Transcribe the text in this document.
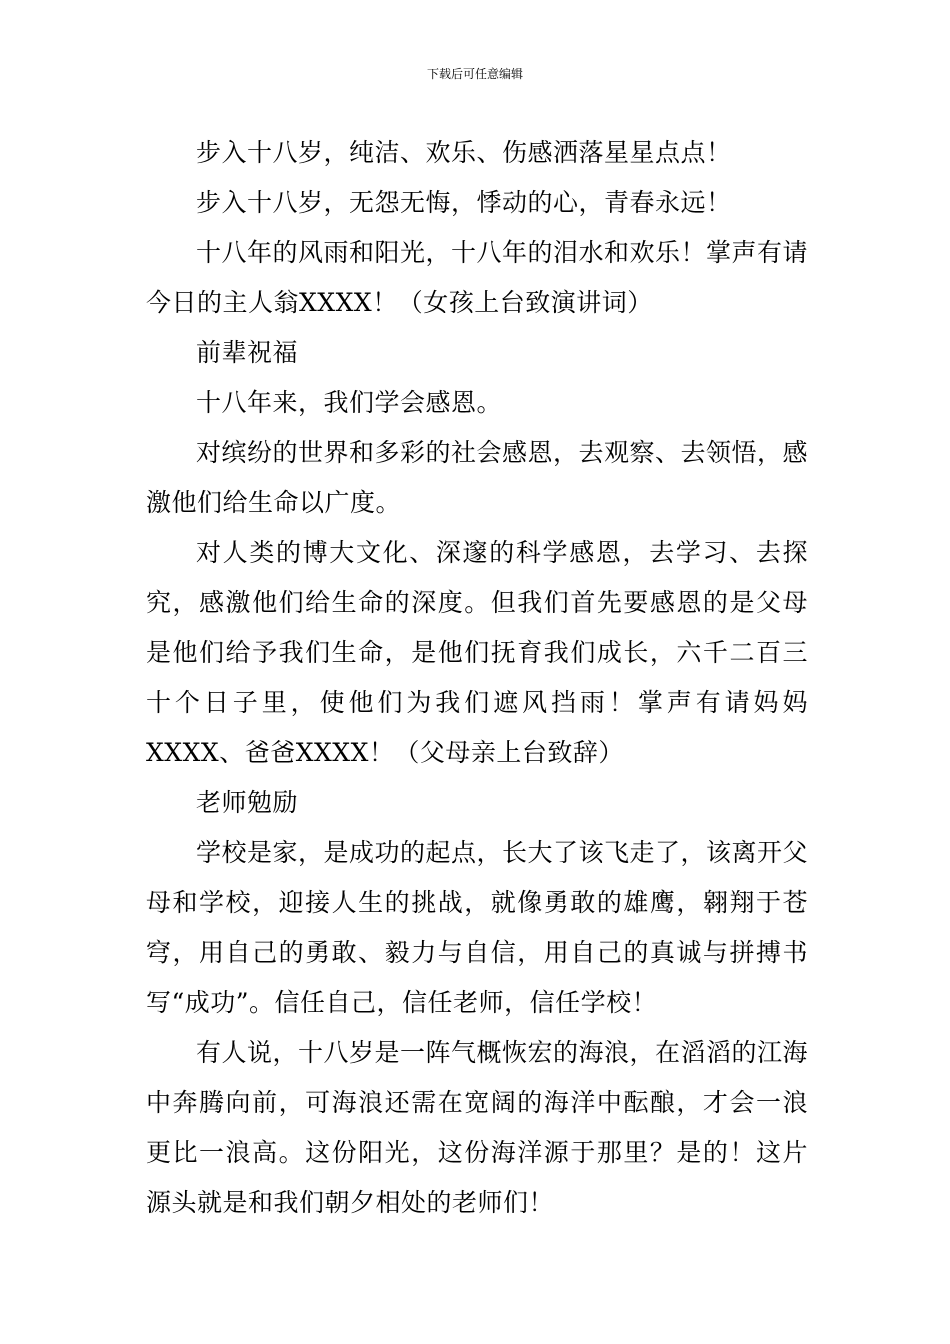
下载后可任意编辑

步入十八岁，纯洁、欢乐、伤感洒落星星点点！

步入十八岁，无怨无悔，悸动的心，青春永远！

十八年的风雨和阳光，十八年的泪水和欢乐！掌声有请今日的主人翁XXXX！（女孩上台致演讲词）

前辈祝福

十八年来，我们学会感恩。

对缤纷的世界和多彩的社会感恩，去观察、去领悟，感激他们给生命以广度。

对人类的博大文化、深邃的科学感恩，去学习、去探究，感激他们给生命的深度。但我们首先要感恩的是父母是他们给予我们生命，是他们抚育我们成长，六千二百三十个日子里，使他们为我们遮风挡雨！掌声有请妈妈XXXX、爸爸XXXX！（父母亲上台致辞）

老师勉励

学校是家，是成功的起点，长大了该飞走了，该离开父母和学校，迎接人生的挑战，就像勇敢的雄鹰，翱翔于苍穹，用自己的勇敢、毅力与自信，用自己的真诚与拼搏书写“成功”。信任自己，信任老师，信任学校！

有人说，十八岁是一阵气概恢宏的海浪，在滔滔的江海中奔腾向前，可海浪还需在宽阔的海洋中酝酿，才会一浪更比一浪高。这份阳光，这份海洋源于那里？是的！这片源头就是和我们朝夕相处的老师们！
